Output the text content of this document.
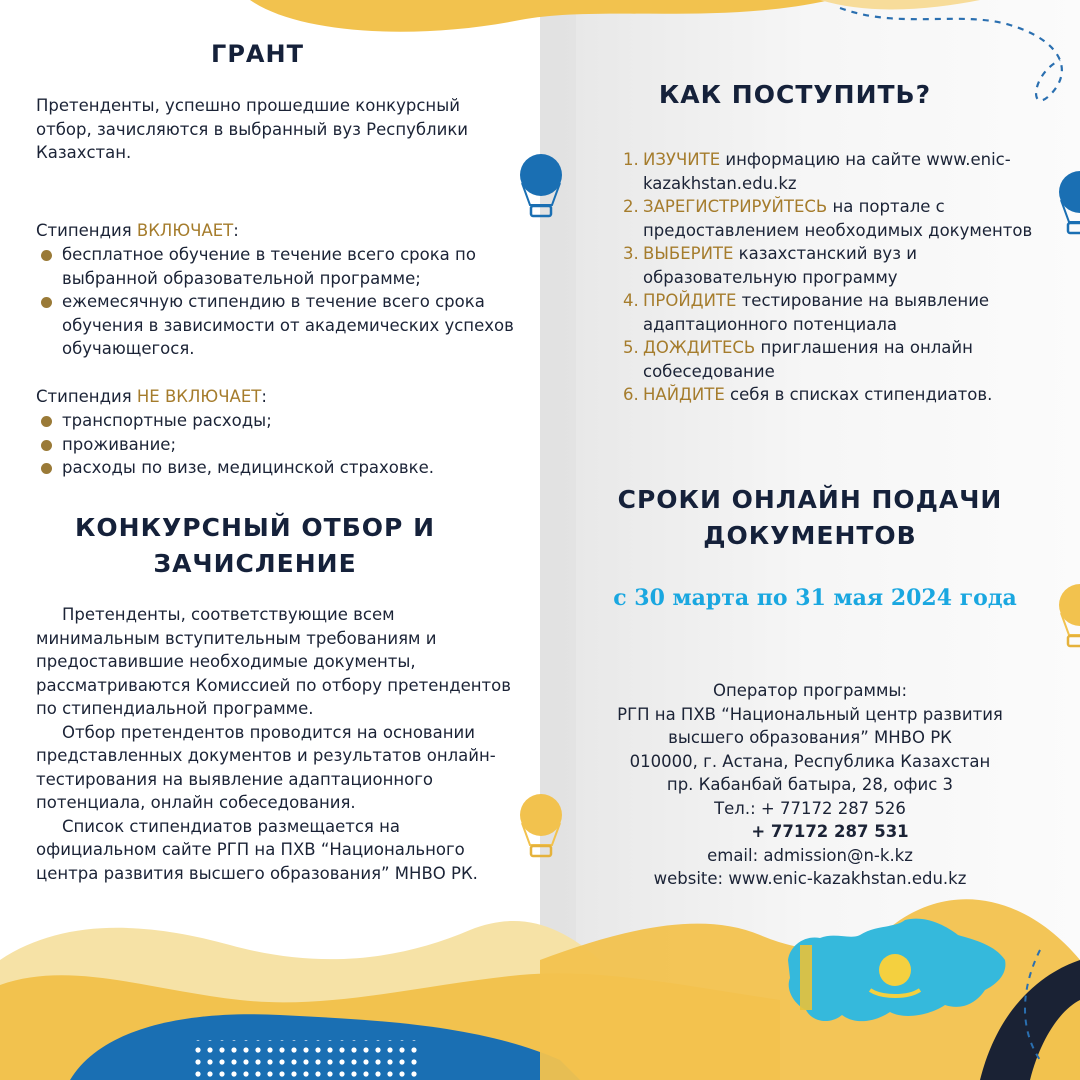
ГРАНТ
Претенденты, успешно прошедшие конкурсный отбор, зачисляются в выбранный вуз Республики Казахстан.
Стипендия ВКЛЮЧАЕТ:
бесплатное обучение в течение всего срока по выбранной образовательной программе;
ежемесячную стипендию в течение всего срока обучения в зависимости от академических успехов обучающегося.
Стипендия НЕ ВКЛЮЧАЕТ:
транспортные расходы;
проживание;
расходы по визе, медицинской страховке.
КОНКУРСНЫЙ ОТБОР И ЗАЧИСЛЕНИЕ

Претенденты, соответствующие всем минимальным вступительным требованиям и предоставившие необходимые документы, рассматриваются Комиссией по отбору претендентов по стипендиальной программе.

Отбор претендентов проводится на основании представленных документов и результатов онлайн-тестирования на выявление адаптационного потенциала, онлайн собеседования.

Список стипендиатов размещается на официальном сайте РГП на ПХВ “Национального центра развития высшего образования” МНВО РК.

КАК ПОСТУПИТЬ?
1. ИЗУЧИТЕ информацию на сайте www.enic-kazakhstan.edu.kz
2. ЗАРЕГИСТРИРУЙТЕСЬ на портале с предоставлением необходимых документов
3. ВЫБЕРИТЕ казахстанский вуз и образовательную программу
4. ПРОЙДИТЕ тестирование на выявление адаптационного потенциала
5. ДОЖДИТЕСЬ приглашения на онлайн собеседование
6. НАЙДИТЕ себя в списках стипендиатов.
СРОКИ ОНЛАЙН ПОДАЧИ ДОКУМЕНТОВ
с 30 марта по 31 мая 2024 года
Оператор программы:
РГП на ПХВ “Национальный центр развития
высшего образования” МНВО РК
010000, г. Астана, Республика Казахстан
пр. Кабанбай батыра, 28, офис 3
Тел.: + 77172 287 526
+ 77172 287 531
email: admission@n-k.kz
website: www.enic-kazakhstan.edu.kz
